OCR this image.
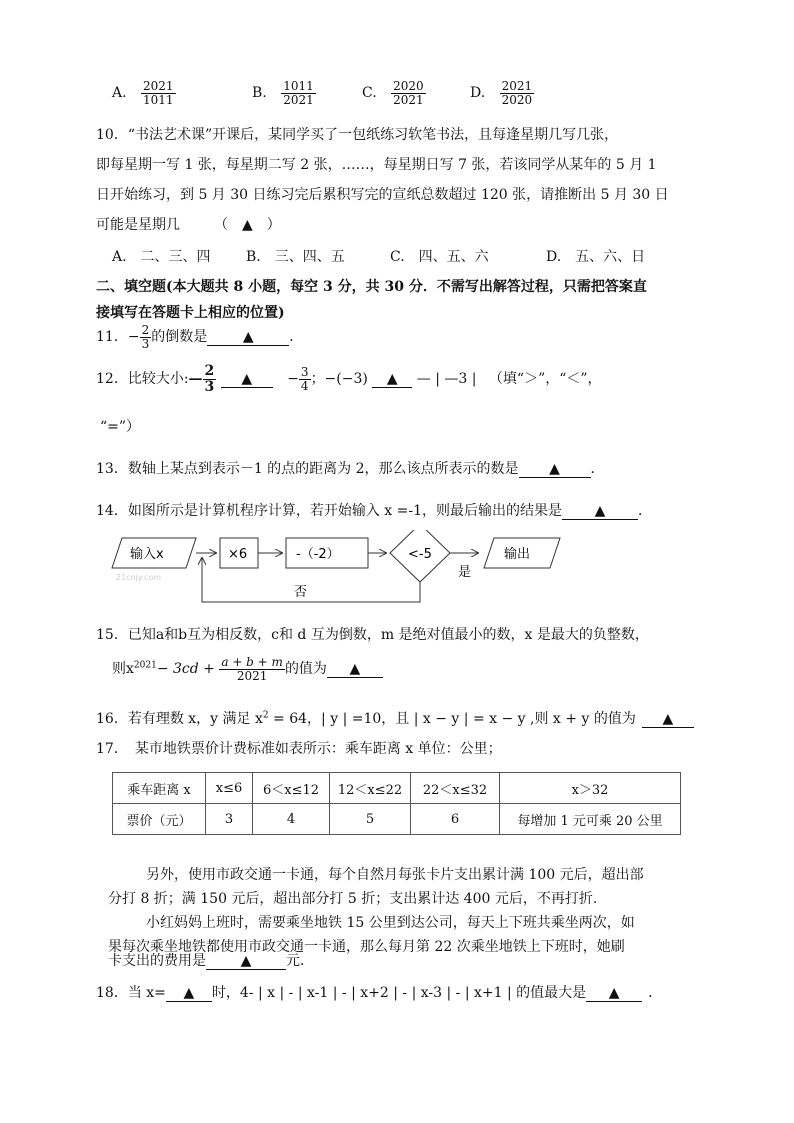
A. $\frac{2021}{1011}$	B. $\frac{1011}{2021}$	C. $\frac{2020}{2021}$	D. $\frac{2021}{2020}$
10．“书法艺术课”开课后，某同学买了一包纸练习软笔书法，且每逢星期几写几张，
即每星期一写 1 张，每星期二写 2 张，……，每星期日写 7 张，若该同学从某年的 5 月 1
日开始练习，到 5 月 30 日练习完后累积写完的宣纸总数超过 120 张，请推断出 5 月 30 日
可能是星期几 （　▲　）
A.　二、三、四	B.　三、四、五	C.　四、五、六	D.　五、六、日
二、填空题(本大题共 8 小题，每空 3 分，共 30 分．不需写出解答过程，只需把答案直
接填写在答题卡上相应的位置)
11．− $\frac{2}{3}$ 的倒数是	▲	．
12．比较大小:— $\frac{2}{3}$ ▲	− $\frac{3}{4}$ ；−(−3) ▲ — | —3 | （填“＞”，“＜”，
“=”）
13．数轴上某点到表示－1 的点的距离为 2，那么该点所表示的数是 ▲ ．
14．如图所示是计算机程序计算，若开始输入 x =-1，则最后输出的结果是 ▲ ．
输入x
21cnjy.com
×6	-（-2）	<-5
是
输出
否
15．已知a和b互为相反数，c和 d 互为倒数，m 是绝对值最小的数，x 是最大的负整数，
则$x^{2021}- 3cd + \frac{a + b + m}{2021}$ 的值为 ▲
16．若有理数 x，y 满足 $x^2 = 64$，| y | =10，且 | x − y | = x − y ,则 x + y 的值为 ▲
17．　某市地铁票价计费标准如表所示：乘车距离 x 单位：公里；
乘车距离 x	x≤6	6＜x≤12	12＜x≤22	22＜x≤32	x＞32
票价（元）	3	4	5	6	每增加 1 元可乘 20 公里
另外，使用市政交通一卡通，每个自然月每张卡片支出累计满 100 元后，超出部
分打 8 折；满 150 元后，超出部分打 5 折；支出累计达 400 元后，不再打折.
小红妈妈上班时，需要乘坐地铁 15 公里到达公司，每天上下班共乘坐两次，如
果每次乘坐地铁都使用市政交通一卡通，那么每月第 22 次乘坐地铁上下班时，她刷
卡支出的费用是 ▲ 元．
18．当 x= ▲ 时，4- | x | - | x-1 | - | x+2 | - | x-3 | - | x+1 | 的值最大是 ▲ ．
